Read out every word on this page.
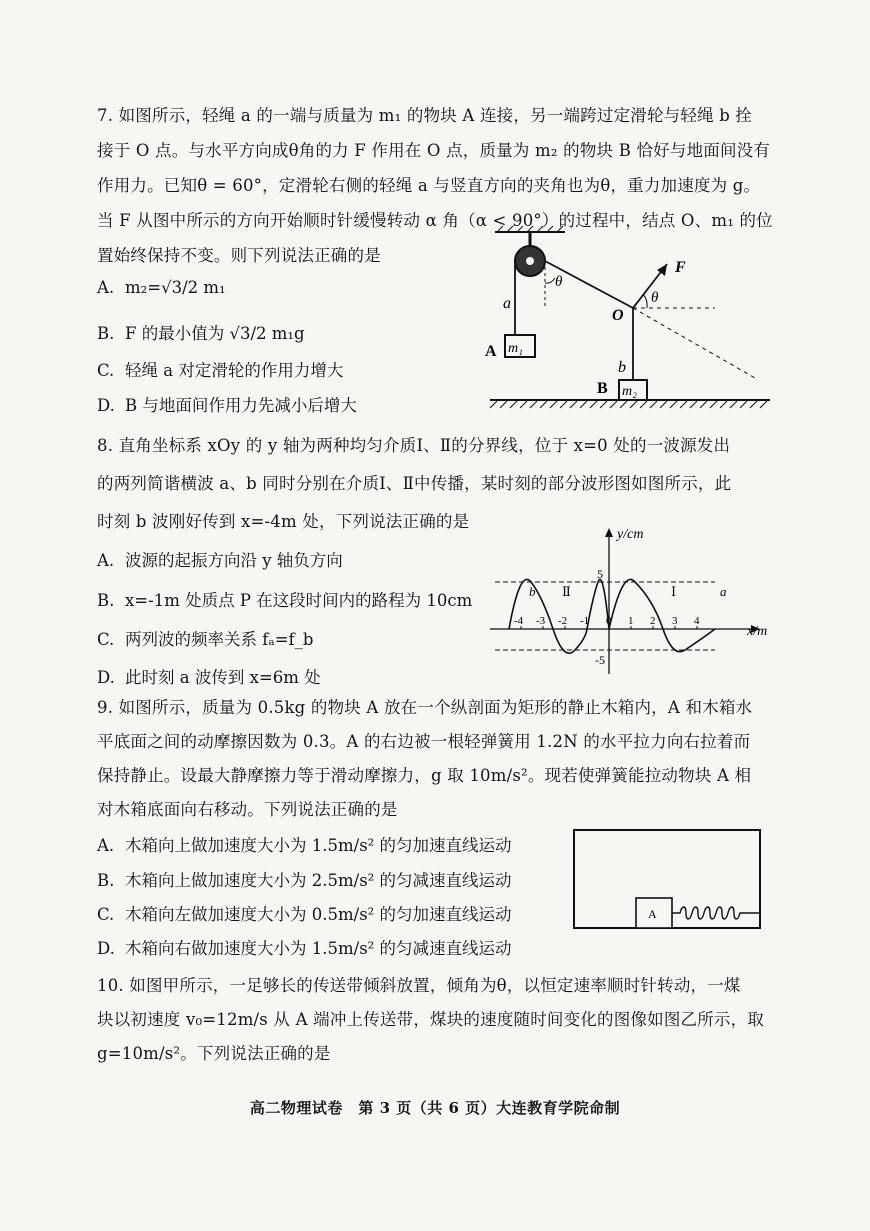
7. 如图所示，轻绳 a 的一端与质量为 m₁ 的物块 A 连接，另一端跨过定滑轮与轻绳 b 拴
接于 O 点。与水平方向成θ角的力 F 作用在 O 点，质量为 m₂ 的物块 B 恰好与地面间没有
作用力。已知θ = 60°，定滑轮右侧的轻绳 a 与竖直方向的夹角也为θ，重力加速度为 g。
当 F 从图中所示的方向开始顺时针缓慢转动 α 角（α < 90°）的过程中，结点 O、m₁ 的位
置始终保持不变。则下列说法正确的是
A. m₂=√3/2 m₁
B. F 的最小值为 √3/2 m₁g
C. 轻绳 a 对定滑轮的作用力增大
D. B 与地面间作用力先减小后增大
a
m₁
A
θ
F
θ
O
b
m₂
B
8. 直角坐标系 xOy 的 y 轴为两种均匀介质Ⅰ、Ⅱ的分界线，位于 x=0 处的一波源发出
的两列简谐横波 a、b 同时分别在介质Ⅰ、Ⅱ中传播，某时刻的部分波形图如图所示，此
时刻 b 波刚好传到 x=-4m 处，下列说法正确的是
A. 波源的起振方向沿 y 轴负方向
B. x=-1m 处质点 P 在这段时间内的路程为 10cm
C. 两列波的频率关系 fₐ=f_b
D. 此时刻 a 波传到 x=6m 处
y/cm
x/m
5
-5
-4 -3 -2 -1 0 1 2 3 4
b Ⅱ	Ⅰ	a
9. 如图所示，质量为 0.5kg 的物块 A 放在一个纵剖面为矩形的静止木箱内，A 和木箱水
平底面之间的动摩擦因数为 0.3。A 的右边被一根轻弹簧用 1.2N 的水平拉力向右拉着而
保持静止。设最大静摩擦力等于滑动摩擦力，g 取 10m/s²。现若使弹簧能拉动物块 A 相
对木箱底面向右移动。下列说法正确的是
A. 木箱向上做加速度大小为 1.5m/s² 的匀加速直线运动
B. 木箱向上做加速度大小为 2.5m/s² 的匀减速直线运动
C. 木箱向左做加速度大小为 0.5m/s² 的匀加速直线运动
D. 木箱向右做加速度大小为 1.5m/s² 的匀减速直线运动
A
10. 如图甲所示，一足够长的传送带倾斜放置，倾角为θ，以恒定速率顺时针转动，一煤
块以初速度 v₀=12m/s 从 A 端冲上传送带，煤块的速度随时间变化的图像如图乙所示，取
g=10m/s²。下列说法正确的是
高二物理试卷　第 3 页（共 6 页）大连教育学院命制
